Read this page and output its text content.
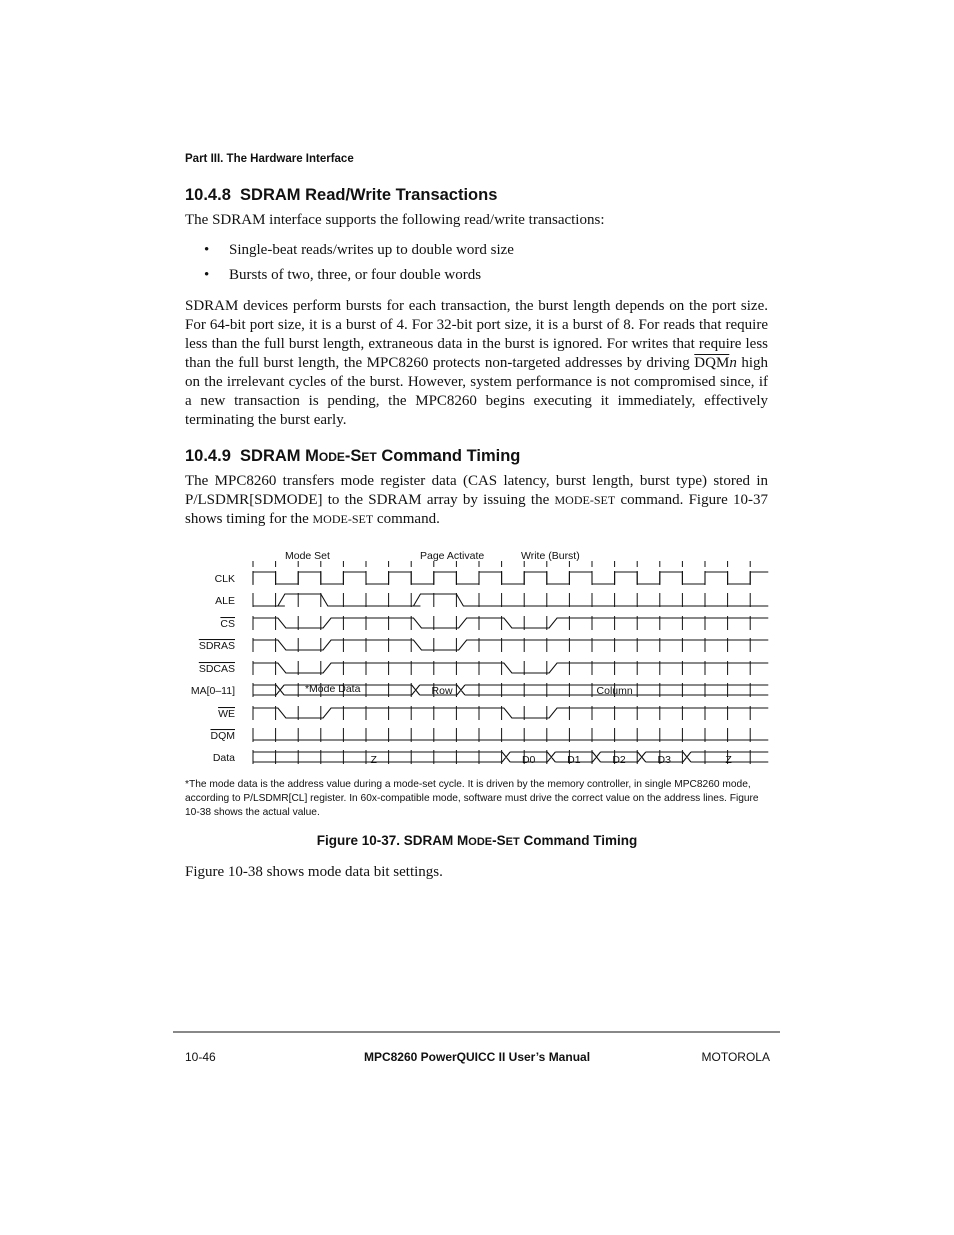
Part III. The Hardware Interface
10.4.8 SDRAM Read/Write Transactions
The SDRAM interface supports the following read/write transactions:
• Single-beat reads/writes up to double word size
• Bursts of two, three, or four double words
SDRAM devices perform bursts for each transaction, the burst length depends on the port size. For 64-bit port size, it is a burst of 4. For 32-bit port size, it is a burst of 8. For reads that require less than the full burst length, extraneous data in the burst is ignored. For writes that require less than the full burst length, the MPC8260 protects non-targeted addresses by driving $\overline{DQM}n$ high on the irrelevant cycles of the burst. However, system performance is not compromised since, if a new transaction is pending, the MPC8260 begins executing it immediately, effectively terminating the burst early.
10.4.9 SDRAM MODE-SET Command Timing
The MPC8260 transfers mode register data (CAS latency, burst length, burst type) stored in P/LSDMR[SDMODE] to the SDRAM array by issuing the MODE-SET command. Figure 10-37 shows timing for the MODE-SET command.
Mode Set	Page Activate	Write (Burst)
CLK
ALE
CS
SDRAS
SDCAS
MA[0–11]
WE
DQM
Data
*Mode Data	Row	Column
Z	D0	D1	D2	D3	Z
*The mode data is the address value during a mode-set cycle. It is driven by the memory controller, in single MPC8260 mode, according to P/LSDMR[CL] register. In 60x-compatible mode, software must drive the correct value on the address lines. Figure 10-38 shows the actual value.
Figure 10-37. SDRAM MODE-SET Command Timing
Figure 10-38 shows mode data bit settings.
10-46	MPC8260 PowerQUICC II User’s Manual	MOTOROLA
